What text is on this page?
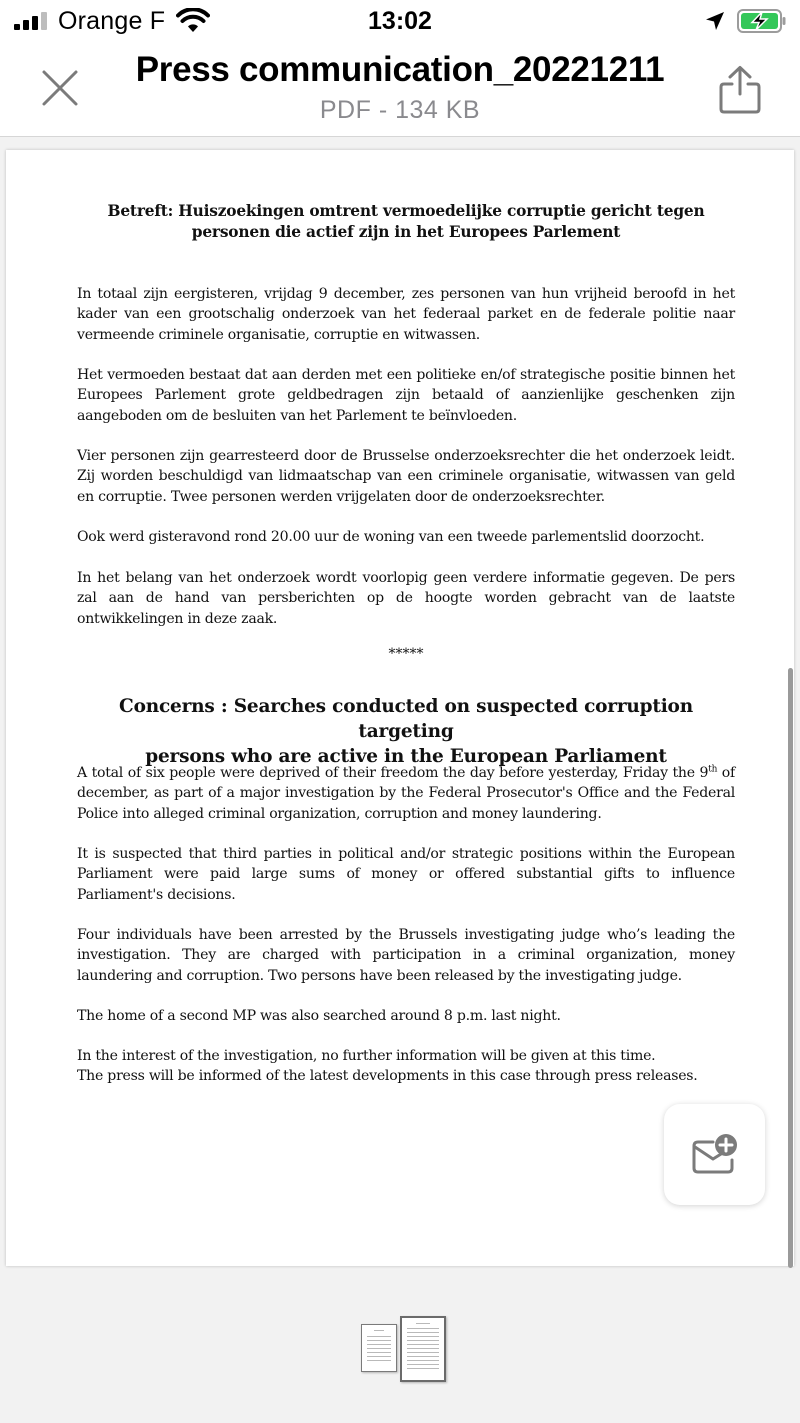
Orange F	13:02
Press communication_20221211
PDF - 134 KB
Betreft: Huiszoekingen omtrent vermoedelijke corruptie gericht tegen
personen die actief zijn in het Europees Parlement
In totaal zijn eergisteren, vrijdag 9 december, zes personen van hun vrijheid beroofd in het kader van een grootschalig onderzoek van het federaal parket en de federale politie naar vermeende criminele organisatie, corruptie en witwassen.
Het vermoeden bestaat dat aan derden met een politieke en/of strategische positie binnen het Europees Parlement grote geldbedragen zijn betaald of aanzienlijke geschenken zijn aangeboden om de besluiten van het Parlement te beïnvloeden.
Vier personen zijn gearresteerd door de Brusselse onderzoeksrechter die het onderzoek leidt. Zij worden beschuldigd van lidmaatschap van een criminele organisatie, witwassen van geld en corruptie. Twee personen werden vrijgelaten door de onderzoeksrechter.
Ook werd gisteravond rond 20.00 uur de woning van een tweede parlementslid doorzocht.
In het belang van het onderzoek wordt voorlopig geen verdere informatie gegeven. De pers zal aan de hand van persberichten op de hoogte worden gebracht van de laatste ontwikkelingen in deze zaak.
*****
Concerns : Searches conducted on suspected corruption targeting
persons who are active in the European Parliament
A total of six people were deprived of their freedom the day before yesterday, Friday the 9th of december, as part of a major investigation by the Federal Prosecutor's Office and the Federal Police into alleged criminal organization, corruption and money laundering.
It is suspected that third parties in political and/or strategic positions within the European Parliament were paid large sums of money or offered substantial gifts to influence Parliament's decisions.
Four individuals have been arrested by the Brussels investigating judge who’s leading the investigation. They are charged with participation in a criminal organization, money laundering and corruption. Two persons have been released by the investigating judge.
The home of a second MP was also searched around 8 p.m. last night.
In the interest of the investigation, no further information will be given at this time.
The press will be informed of the latest developments in this case through press releases.
